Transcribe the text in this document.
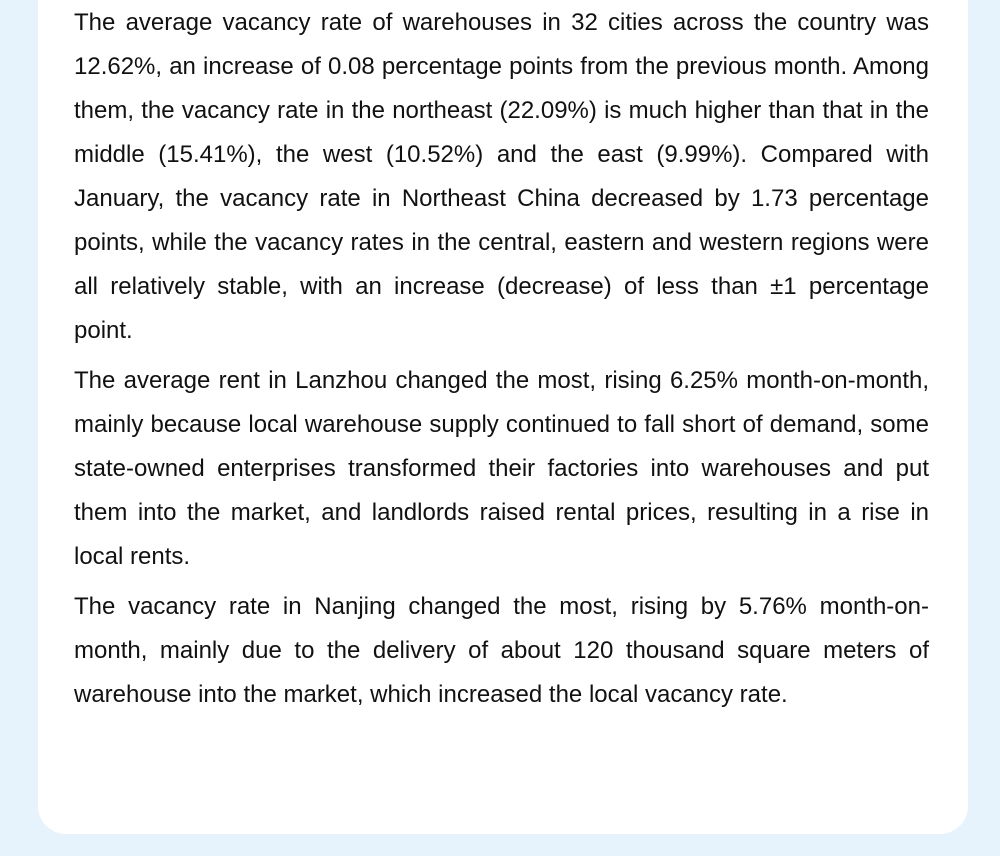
The average vacancy rate of warehouses in 32 cities across the country was 12.62%, an increase of 0.08 percentage points from the previous month. Among them, the vacancy rate in the northeast (22.09%) is much higher than that in the middle (15.41%), the west (10.52%) and the east (9.99%). Compared with January, the vacancy rate in Northeast China decreased by 1.73 percentage points, while the vacancy rates in the central, eastern and western regions were all relatively stable, with an increase (decrease) of less than ±1 percentage point.

The average rent in Lanzhou changed the most, rising 6.25% month-on-month, mainly because local warehouse supply continued to fall short of demand, some state-owned enterprises transformed their factories into warehouses and put them into the market, and landlords raised rental prices, resulting in a rise in local rents.

The vacancy rate in Nanjing changed the most, rising by 5.76% month-on-month, mainly due to the delivery of about 120 thousand square meters of warehouse into the market, which increased the local vacancy rate.
